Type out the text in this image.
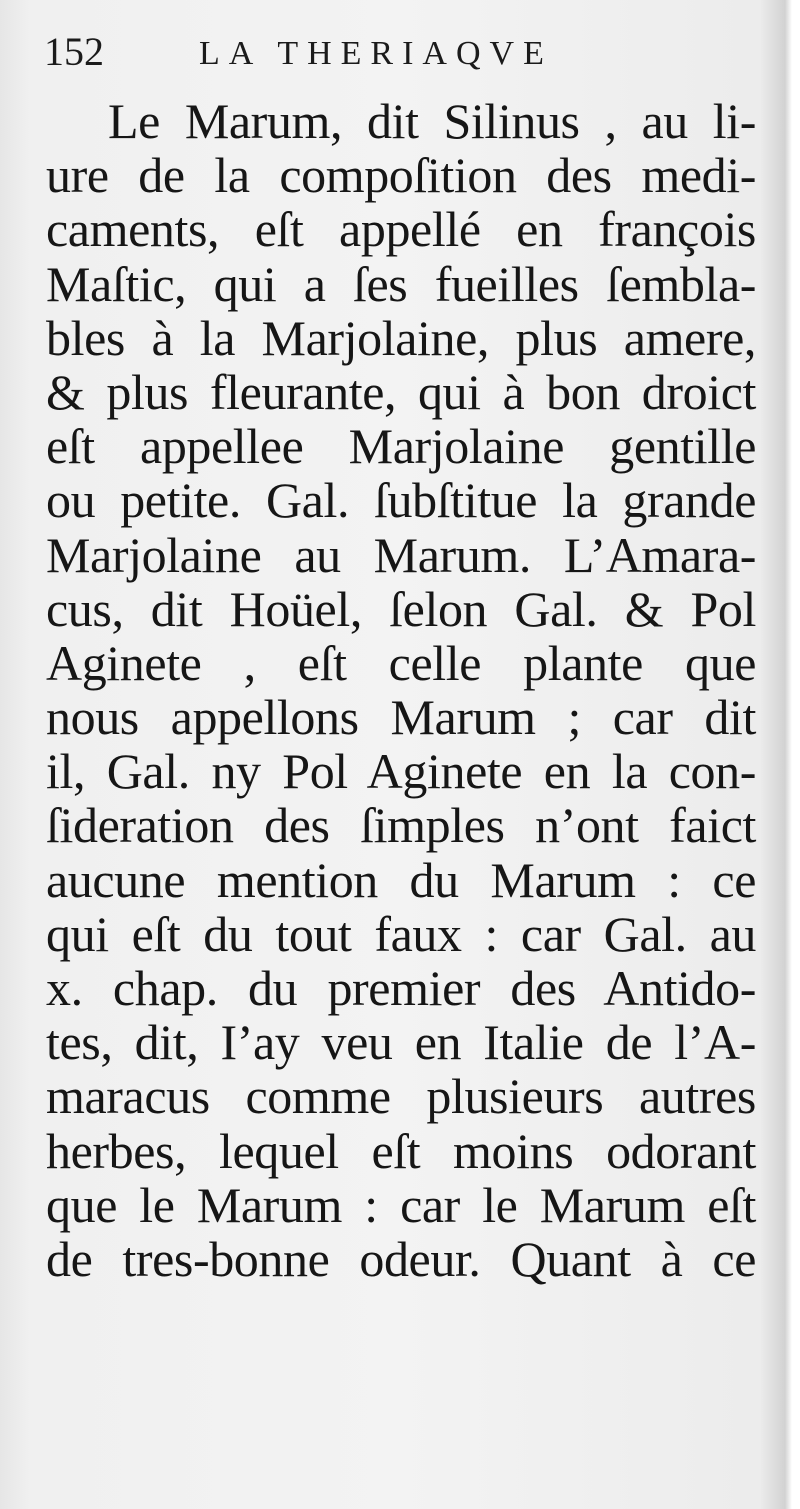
152	LA THERIAQVE
Le Marum, dit Silinus , au li-
ure de la compoſition des medi-
caments, eſt appellé en françois
Maſtic, qui a ſes fueilles ſembla-
bles à la Marjolaine, plus amere,
& plus fleurante, qui à bon droict
eſt appellee Marjolaine gentille
ou petite. Gal. ſubſtitue la grande
Marjolaine au Marum. L’Amara-
cus, dit Hoüel, ſelon Gal. & Pol
Aginete , eſt celle plante que
nous appellons Marum ; car dit
il, Gal. ny Pol Aginete en la con-
ſideration des ſimples n’ont faict
aucune mention du Marum : ce
qui eſt du tout faux : car Gal. au
x. chap. du premier des Antido-
tes, dit, I’ay veu en Italie de l’A-
maracus comme plusieurs autres
herbes, lequel eſt moins odorant
que le Marum : car le Marum eſt
de tres-bonne odeur. Quant à ce
